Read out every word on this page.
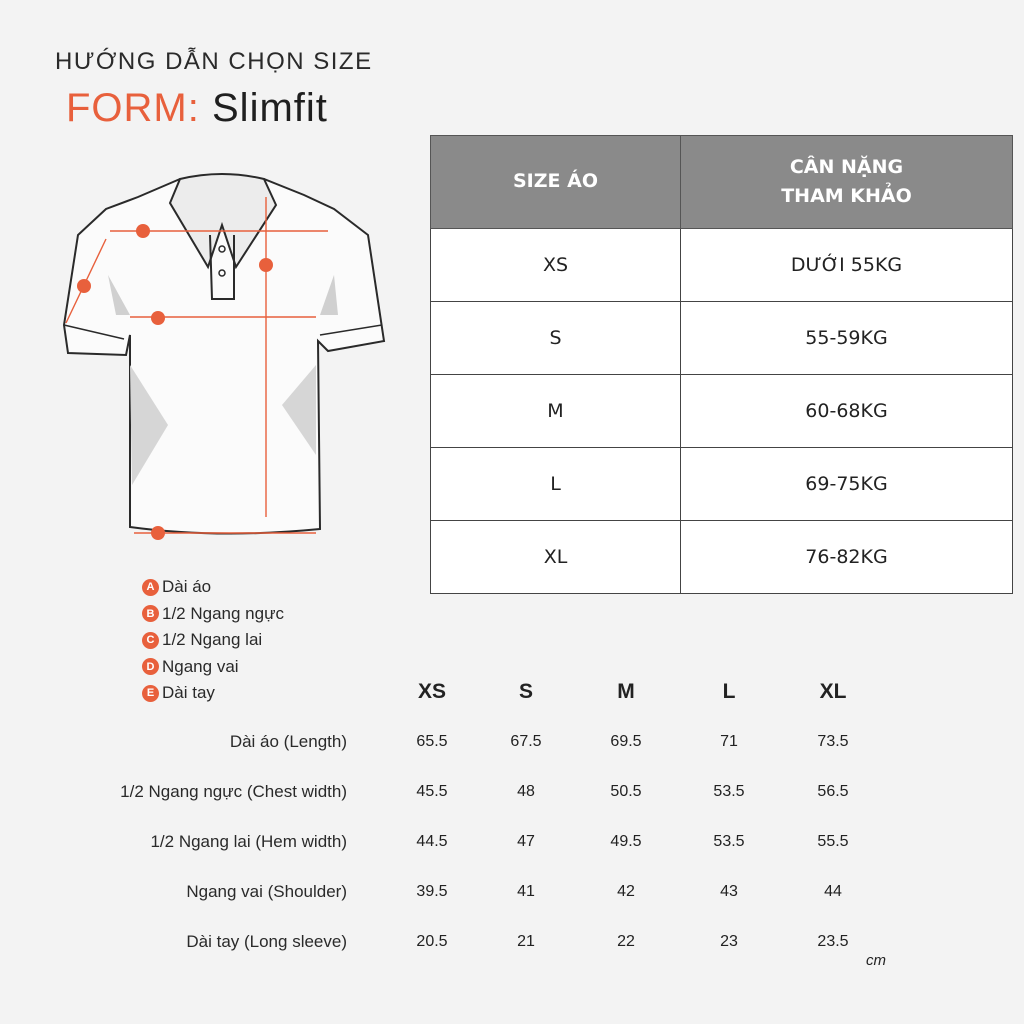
HƯỚNG DẪN CHỌN SIZE
FORM: Slimfit
A Dài áo
B 1/2 Ngang ngực
C 1/2 Ngang lai
D Ngang vai
E Dài tay
SIZE ÁO	CÂN NẶNG
THAM KHẢO

XS	DƯỚI 55KG
S	55-59KG
M	60-68KG
L	69-75KG
XL	76-82KG
XS	S	M	L	XL
Dài áo (Length)	65.5	67.5	69.5	71	73.5
1/2 Ngang ngực (Chest width)	45.5	48	50.5	53.5	56.5
1/2 Ngang lai (Hem width)	44.5	47	49.5	53.5	55.5
Ngang vai (Shoulder)	39.5	41	42	43	44
Dài tay (Long sleeve)	20.5	21	22	23	23.5
cm
